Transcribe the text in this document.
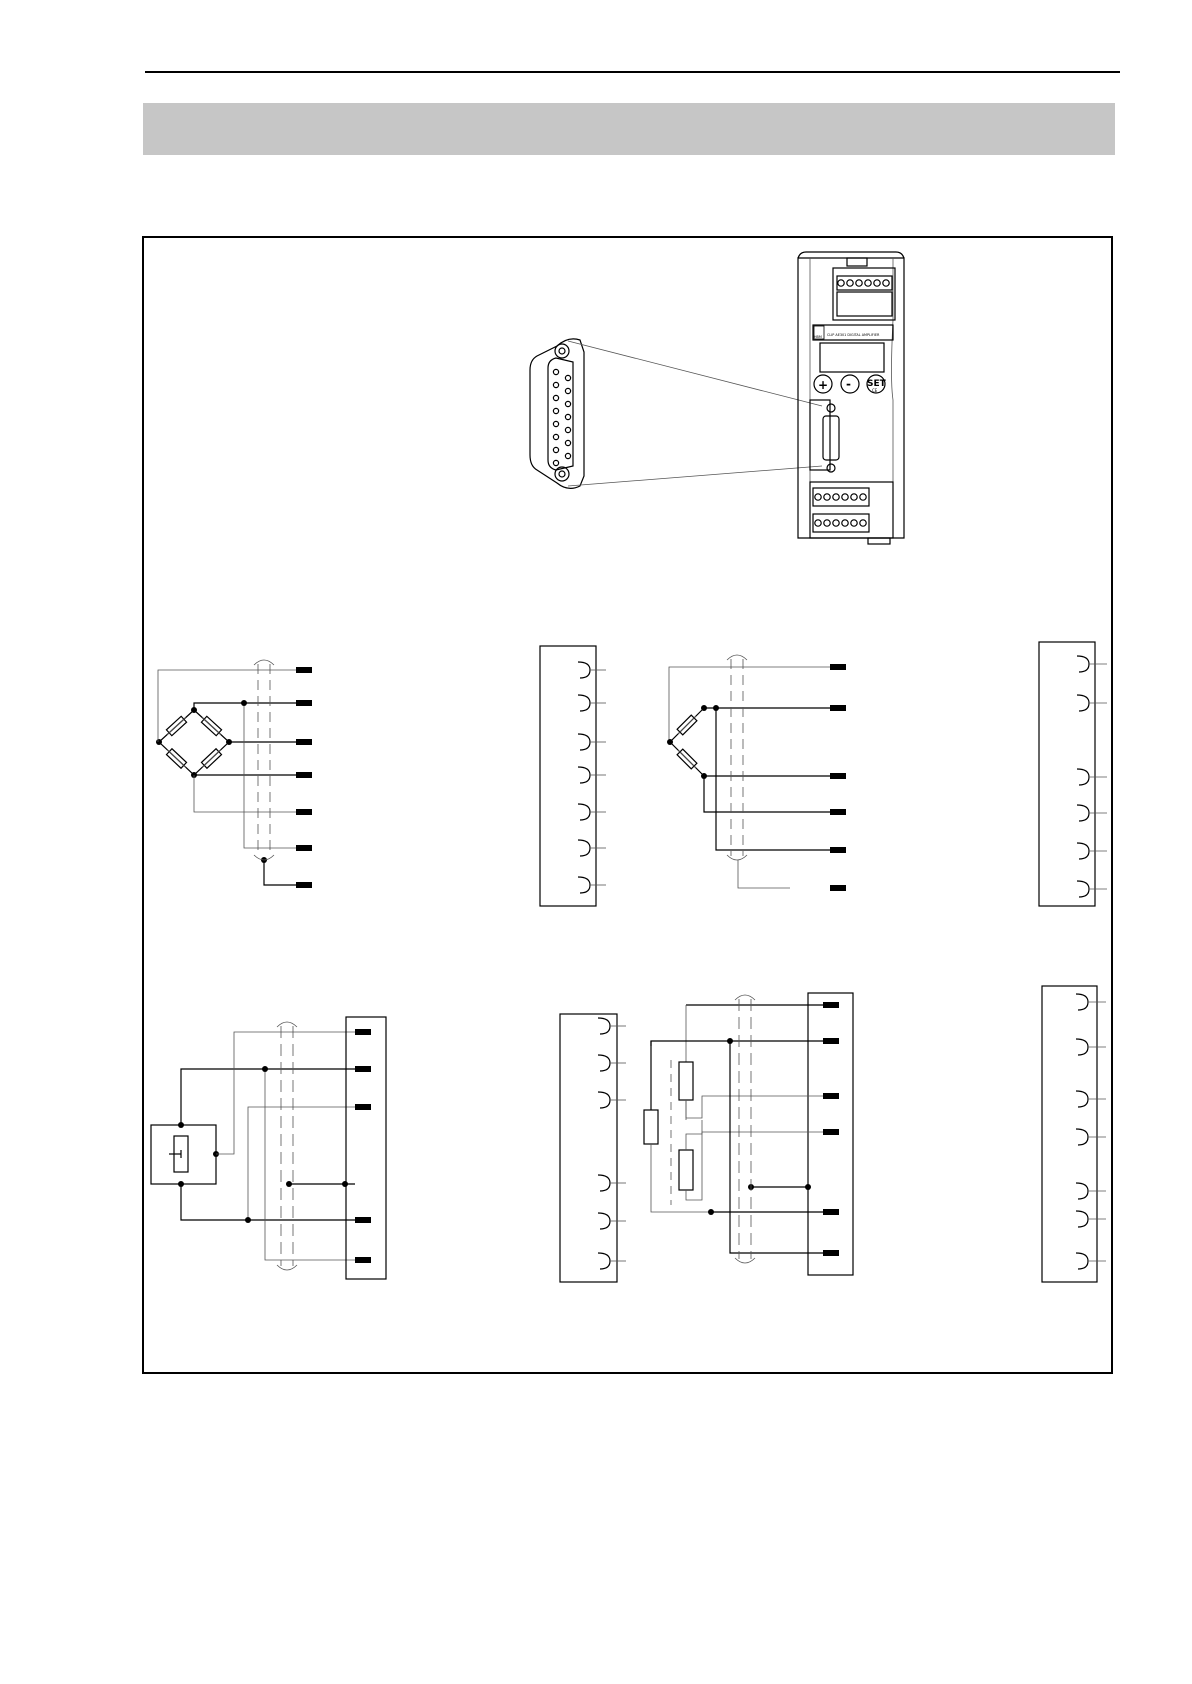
HBM CLIP AE301 DIGITAL AMPLIFIER
+ - SET
CE
